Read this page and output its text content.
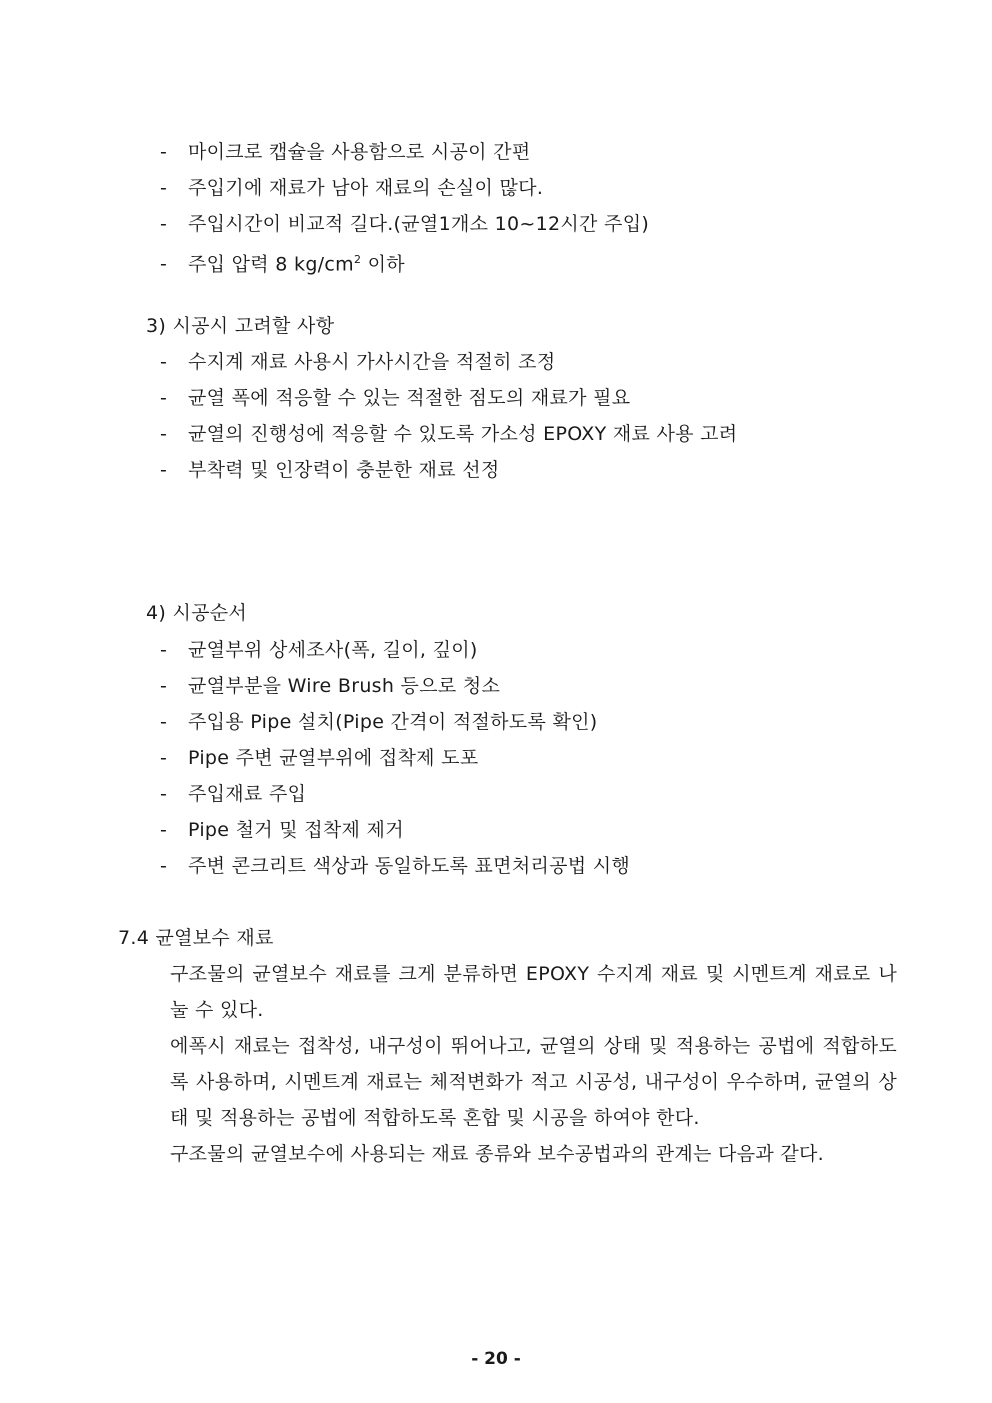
- 마이크로 캡슐을 사용함으로 시공이 간편
- 주입기에 재료가 남아 재료의 손실이 많다.
- 주입시간이 비교적 길다.(균열1개소 10~12시간 주입)
- 주입 압력 8 $kg/cm^2$ 이하
3) 시공시 고려할 사항
- 수지계 재료 사용시 가사시간을 적절히 조정
- 균열 폭에 적응할 수 있는 적절한 점도의 재료가 필요
- 균열의 진행성에 적응할 수 있도록 가소성 EPOXY 재료 사용 고려
- 부착력 및 인장력이 충분한 재료 선정
4) 시공순서
- 균열부위 상세조사(폭, 길이, 깊이)
- 균열부분을 Wire Brush 등으로 청소
- 주입용 Pipe 설치(Pipe 간격이 적절하도록 확인)
- Pipe 주변 균열부위에 접착제 도포
- 주입재료 주입
- Pipe 철거 및 접착제 제거
- 주변 콘크리트 색상과 동일하도록 표면처리공법 시행
7.4 균열보수 재료
구조물의 균열보수 재료를 크게 분류하면 EPOXY 수지계 재료 및 시멘트계 재료로 나눌 수 있다.
에폭시 재료는 접착성, 내구성이 뛰어나고, 균열의 상태 및 적용하는 공법에 적합하도록 사용하며, 시멘트계 재료는 체적변화가 적고 시공성, 내구성이 우수하며, 균열의 상태 및 적용하는 공법에 적합하도록 혼합 및 시공을 하여야 한다.
구조물의 균열보수에 사용되는 재료 종류와 보수공법과의 관계는 다음과 같다.
- 20 -
